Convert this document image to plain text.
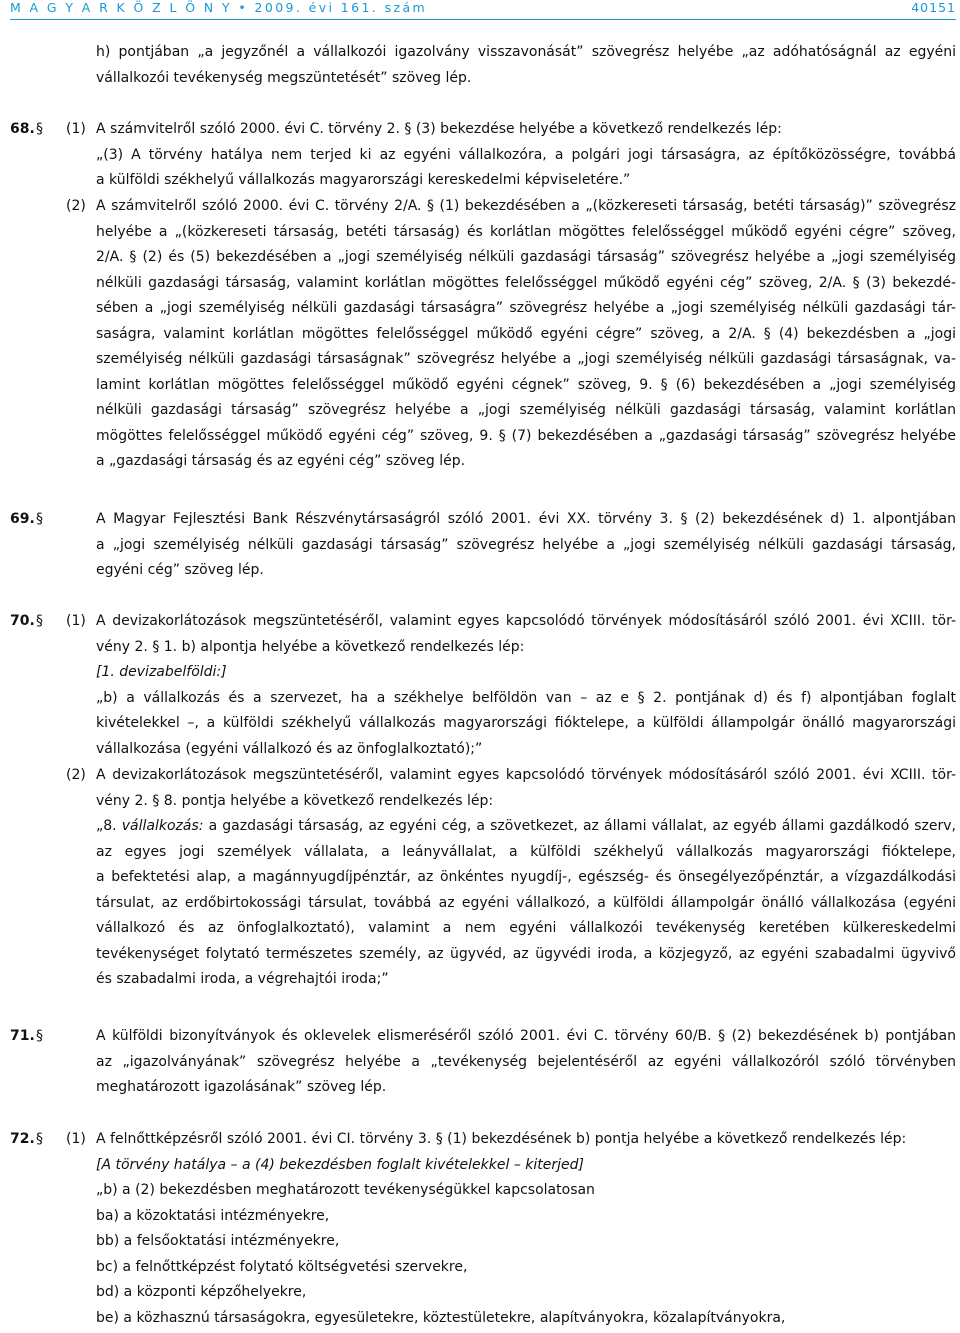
M A G Y A R K Ö Z L Ö N Y • 2009. évi 161. szám	40151
h) pontjában „a jegyzőnél a vállalkozói igazolvány visszavonását” szövegrész helyébe „az adóhatóságnál az egyéni
vállalkozói tevékenység megszüntetését” szöveg lép.
68. § (1) A számvitelről szóló 2000. évi C. törvény 2. § (3) bekezdése helyébe a következő rendelkezés lép:
„(3) A törvény hatálya nem terjed ki az egyéni vállalkozóra, a polgári jogi társaságra, az építőközösségre, továbbá
a külföldi székhelyű vállalkozás magyarországi kereskedelmi képviseletére.”
(2) A számvitelről szóló 2000. évi C. törvény 2/A. § (1) bekezdésében a „(közkereseti társaság, betéti társaság)” szövegrész
helyébe a „(közkereseti társaság, betéti társaság) és korlátlan mögöttes felelősséggel működő egyéni cégre” szöveg,
2/A. § (2) és (5) bekezdésében a „jogi személyiség nélküli gazdasági társaság” szövegrész helyébe a „jogi személyiség
nélküli gazdasági társaság, valamint korlátlan mögöttes felelősséggel működő egyéni cég” szöveg, 2/A. § (3) bekezdé-
sében a „jogi személyiség nélküli gazdasági társaságra” szövegrész helyébe a „jogi személyiség nélküli gazdasági tár-
saságra, valamint korlátlan mögöttes felelősséggel működő egyéni cégre” szöveg, a 2/A. § (4) bekezdésben a „jogi
személyiség nélküli gazdasági társaságnak” szövegrész helyébe a „jogi személyiség nélküli gazdasági társaságnak, va-
lamint korlátlan mögöttes felelősséggel működő egyéni cégnek” szöveg, 9. § (6) bekezdésében a „jogi személyiség
nélküli gazdasági társaság” szövegrész helyébe a „jogi személyiség nélküli gazdasági társaság, valamint korlátlan
mögöttes felelősséggel működő egyéni cég” szöveg, 9. § (7) bekezdésében a „gazdasági társaság” szövegrész helyébe
a „gazdasági társaság és az egyéni cég” szöveg lép.
69. §	A Magyar Fejlesztési Bank Részvénytársaságról szóló 2001. évi XX. törvény 3. § (2) bekezdésének d) 1. alpontjában
a „jogi személyiség nélküli gazdasági társaság” szövegrész helyébe a „jogi személyiség nélküli gazdasági társaság,
egyéni cég” szöveg lép.
70. § (1) A devizakorlátozások megszüntetéséről, valamint egyes kapcsolódó törvények módosításáról szóló 2001. évi XCIII. tör-
vény 2. § 1. b) alpontja helyébe a következő rendelkezés lép:
[1. devizabelföldi:]
„b) a vállalkozás és a szervezet, ha a székhelye belföldön van – az e § 2. pontjának d) és f) alpontjában foglalt
kivételekkel –, a külföldi székhelyű vállalkozás magyarországi fióktelepe, a külföldi állampolgár önálló magyarországi
vállalkozása (egyéni vállalkozó és az önfoglalkoztató);”
(2) A devizakorlátozások megszüntetéséről, valamint egyes kapcsolódó törvények módosításáról szóló 2001. évi XCIII. tör-
vény 2. § 8. pontja helyébe a következő rendelkezés lép:
„8. vállalkozás: a gazdasági társaság, az egyéni cég, a szövetkezet, az állami vállalat, az egyéb állami gazdálkodó szerv,
az egyes jogi személyek vállalata, a leányvállalat, a külföldi székhelyű vállalkozás magyarországi fióktelepe,
a befektetési alap, a magánnyugdíjpénztár, az önkéntes nyugdíj-, egészség- és önsegélyezőpénztár, a vízgazdálkodási
társulat, az erdőbirtokossági társulat, továbbá az egyéni vállalkozó, a külföldi állampolgár önálló vállalkozása (egyéni
vállalkozó és az önfoglalkoztató), valamint a nem egyéni vállalkozói tevékenység keretében külkereskedelmi
tevékenységet folytató természetes személy, az ügyvéd, az ügyvédi iroda, a közjegyző, az egyéni szabadalmi ügyvivő
és szabadalmi iroda, a végrehajtói iroda;”
71. §	A külföldi bizonyítványok és oklevelek elismeréséről szóló 2001. évi C. törvény 60/B. § (2) bekezdésének b) pontjában
az „igazolványának” szövegrész helyébe a „tevékenység bejelentéséről az egyéni vállalkozóról szóló törvényben
meghatározott igazolásának” szöveg lép.
72. § (1) A felnőttképzésről szóló 2001. évi CI. törvény 3. § (1) bekezdésének b) pontja helyébe a következő rendelkezés lép:
[A törvény hatálya – a (4) bekezdésben foglalt kivételekkel – kiterjed]
„b) a (2) bekezdésben meghatározott tevékenységükkel kapcsolatosan
ba) a közoktatási intézményekre,
bb) a felsőoktatási intézményekre,
bc) a felnőttképzést folytató költségvetési szervekre,
bd) a központi képzőhelyekre,
be) a közhasznú társaságokra, egyesületekre, köztestületekre, alapítványokra, közalapítványokra,
